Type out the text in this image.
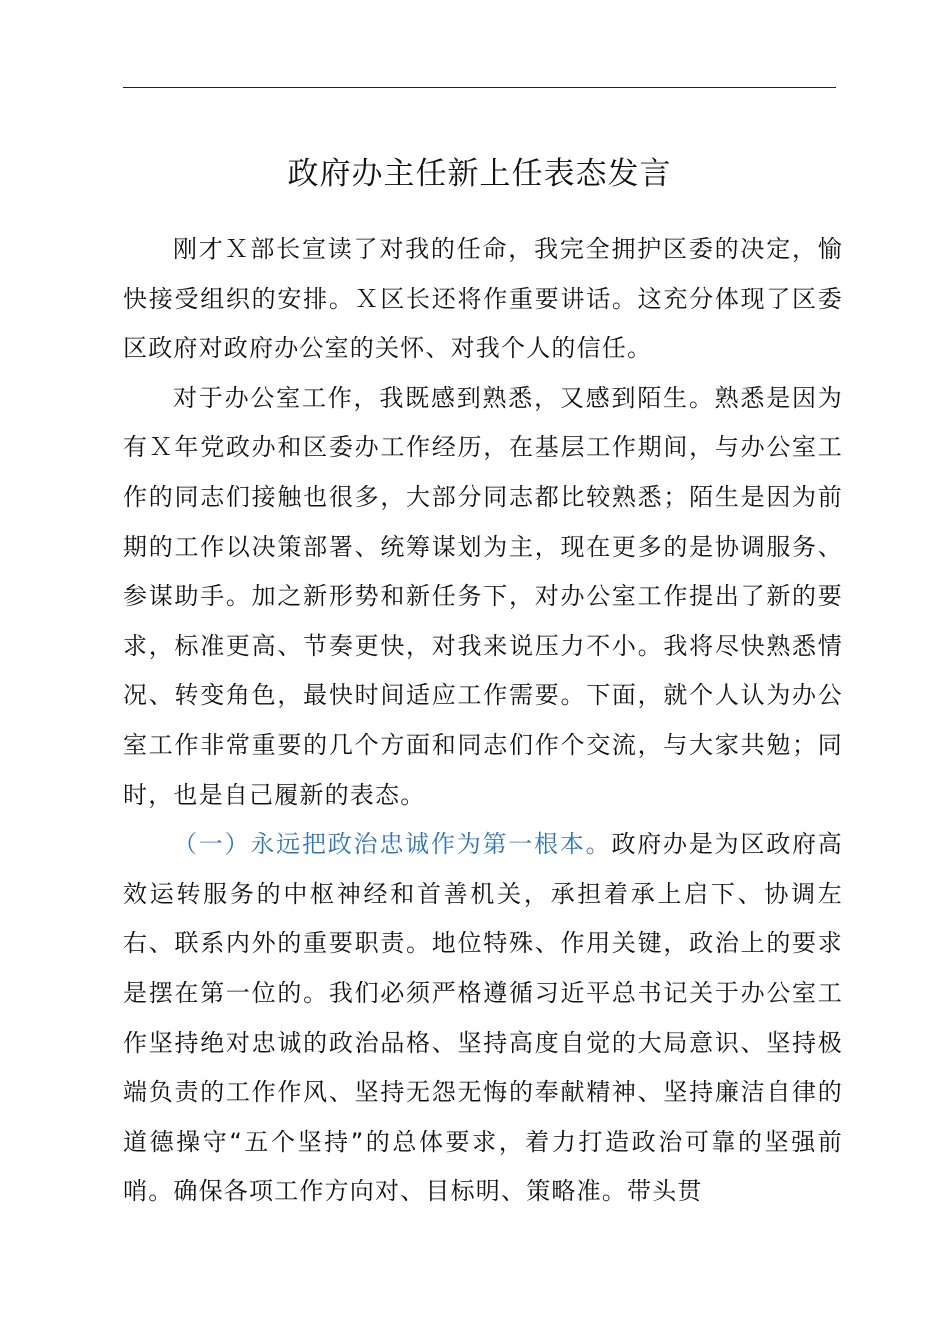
政府办主任新上任表态发言

刚才Ｘ部长宣读了对我的任命，我完全拥护区委的决定，愉快接受组织的安排。Ｘ区长还将作重要讲话。这充分体现了区委区政府对政府办公室的关怀、对我个人的信任。

对于办公室工作，我既感到熟悉，又感到陌生。熟悉是因为有Ｘ年党政办和区委办工作经历，在基层工作期间，与办公室工作的同志们接触也很多，大部分同志都比较熟悉；陌生是因为前期的工作以决策部署、统筹谋划为主，现在更多的是协调服务、参谋助手。加之新形势和新任务下，对办公室工作提出了新的要求，标准更高、节奏更快，对我来说压力不小。我将尽快熟悉情况、转变角色，最快时间适应工作需要。下面，就个人认为办公室工作非常重要的几个方面和同志们作个交流，与大家共勉；同时，也是自己履新的表态。

（一）永远把政治忠诚作为第一根本。政府办是为区政府高效运转服务的中枢神经和首善机关，承担着承上启下、协调左右、联系内外的重要职责。地位特殊、作用关键，政治上的要求是摆在第一位的。我们必须严格遵循习近平总书记关于办公室工作坚持绝对忠诚的政治品格、坚持高度自觉的大局意识、坚持极端负责的工作作风、坚持无怨无悔的奉献精神、坚持廉洁自律的道德操守“五个坚持”的总体要求，着力打造政治可靠的坚强前哨。确保各项工作方向对、目标明、策略准。带头贯
